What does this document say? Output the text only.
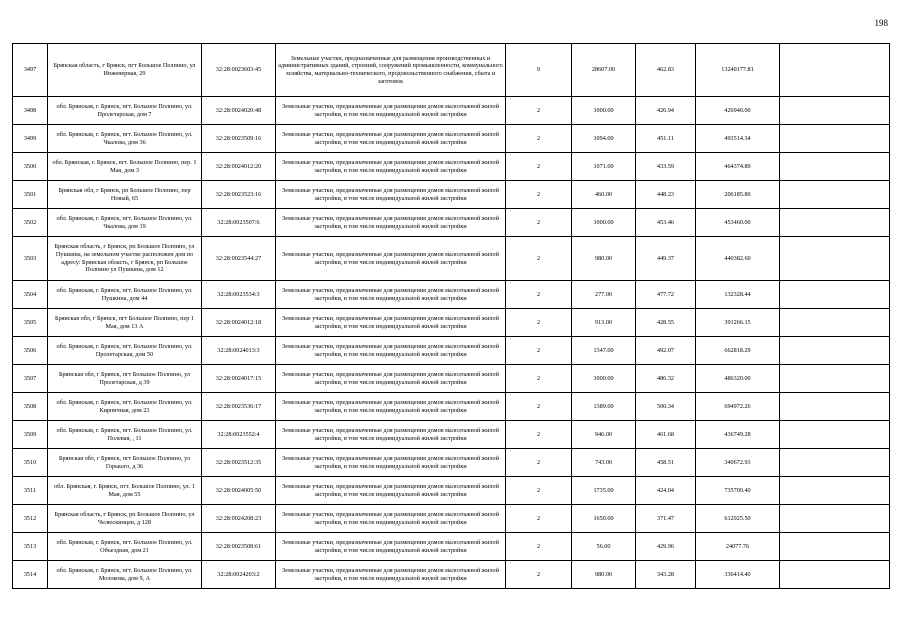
198
3497	Брянская область, г Брянск, пгт Большое Полпино, ул Инженерная, 29	32:28:0023603:45	Земельные участки, предназначенные для размещения производственных и административных зданий, строений, сооружений промышленности, коммунального хозяйства, материально-технического, продовольственного снабжения, сбыта и заготовок	9	28607.00	462.83	13240177.81	
3498	обл. Брянская, г. Брянск, пгт. Большое Полпино, ул. Пролетарская, дом 7	32:28:0024020:48	Земельные участки, предназначенные для размещения домов малоэтажной жилой застройки, в том числе индивидуальной жилой застройки	2	1000.00	426.94	426940.00	
3499	обл. Брянская, г. Брянск, пгт. Большое Полпино, ул. Чкалова, дом 36	32:28:0023509:16	Земельные участки, предназначенные для размещения домов малоэтажной жилой застройки, в том числе индивидуальной жилой застройки	2	1094.00	451.11	493514.34	
3500	обл. Брянская, г. Брянск, пгт. Большое Полпино, пер. 1 Мая, дом 3	32:28:0024012:20	Земельные участки, предназначенные для размещения домов малоэтажной жилой застройки, в том числе индивидуальной жилой застройки	2	1071.00	433.59	464374.89	
3501	Брянская обл, г Брянск, рп Большое Полпино, пер Новый, 65	32:28:0023523:16	Земельные участки, предназначенные для размещения домов малоэтажной жилой застройки, в том числе индивидуальной жилой застройки	2	460.00	448.23	206185.80	
3502	обл. Брянская, г. Брянск, пгт. Большое Полпино, ул. Чкалова, дом 19	32:28:0023507:6	Земельные участки, предназначенные для размещения домов малоэтажной жилой застройки, в том числе индивидуальной жилой застройки	2	1000.00	453.46	453460.00	
3503	Брянская область, г Брянск, рп Большое Полпино, ул Пушкина, на земельном участке расположен дом по адресу: Брянская область, г Брянск, рп Большое Полпино ул Пушкина, дом 12	32:28:0023544:27	Земельные участки, предназначенные для размещения домов малоэтажной жилой застройки, в том числе индивидуальной жилой застройки	2	980.00	449.37	440382.60	
3504	обл. Брянская, г. Брянск, пгт. Большое Полпино, ул. Пушкина, дом 44	32:28:0023534:3	Земельные участки, предназначенные для размещения домов малоэтажной жилой застройки, в том числе индивидуальной жилой застройки	2	277.00	477.72	132328.44	
3505	Брянская обл, г Брянск, пгт Большое Полпино, пер 1 Мая, дом 13 А	32:28:0024012:18	Земельные участки, предназначенные для размещения домов малоэтажной жилой застройки, в том числе индивидуальной жилой застройки	2	913.00	428.55	391266.15	
3506	обл. Брянская, г. Брянск, пгт. Большое Полпино, ул. Пролетарская, дом 50	32:28:0024013:3	Земельные участки, предназначенные для размещения домов малоэтажной жилой застройки, в том числе индивидуальной жилой застройки	2	1347.00	492.07	662818.29	
3507	Брянская обл, г Брянск, пгт Большое Полпино, ул Пролетарская, д 39	32:28:0024017:15	Земельные участки, предназначенные для размещения домов малоэтажной жилой застройки, в том числе индивидуальной жилой застройки	2	1000.00	486.32	486320.00	
3508	обл. Брянская, г. Брянск, пгт. Большое Полпино, ул. Кирпичная, дом 23	32:28:0023536:17	Земельные участки, предназначенные для размещения домов малоэтажной жилой застройки, в том числе индивидуальной жилой застройки	2	1389.00	500.34	694972.26	
3509	обл. Брянская, г. Брянск, пгт. Большое Полпино, ул. Полевая, , 11	32:28:0023552:4	Земельные участки, предназначенные для размещения домов малоэтажной жилой застройки, в том числе индивидуальной жилой застройки	2	946.00	461.68	436749.28	
3510	Брянская обл, г Брянск, пгт Большое Полпино, ул Горького, д 36	32:28:0023512:35	Земельные участки, предназначенные для размещения домов малоэтажной жилой застройки, в том числе индивидуальной жилой застройки	2	743.00	458.51	340672.93	
3511	обл. Брянская, г. Брянск, пгт. Большое Полпино, ул. 1 Мая, дом 55	32:28:0024005:50	Земельные участки, предназначенные для размещения домов малоэтажной жилой застройки, в том числе индивидуальной жилой застройки	2	1735.00	424.04	735709.40	
3512	Брянская область, г Брянск, рп Большое Полпино, ул Челюскинцев, д 128	32:28:0024208:23	Земельные участки, предназначенные для размещения домов малоэтажной жилой застройки, в том числе индивидуальной жилой застройки	2	1650.00	371.47	612925.50	
3513	обл. Брянская, г. Брянск, пгт. Большое Полпино, ул. Объездная, дом 21	32:28:0023508:61	Земельные участки, предназначенные для размещения домов малоэтажной жилой застройки, в том числе индивидуальной жилой застройки	2	56.00	429.96	24077.76	
3514	обл. Брянская, г. Брянск, пгт. Большое Полпино, ул. Молокова, дом 9, А	32:28:0024203:2	Земельные участки, предназначенные для размещения домов малоэтажной жилой застройки, в том числе индивидуальной жилой застройки	2	980.00	343.28	336414.40	
